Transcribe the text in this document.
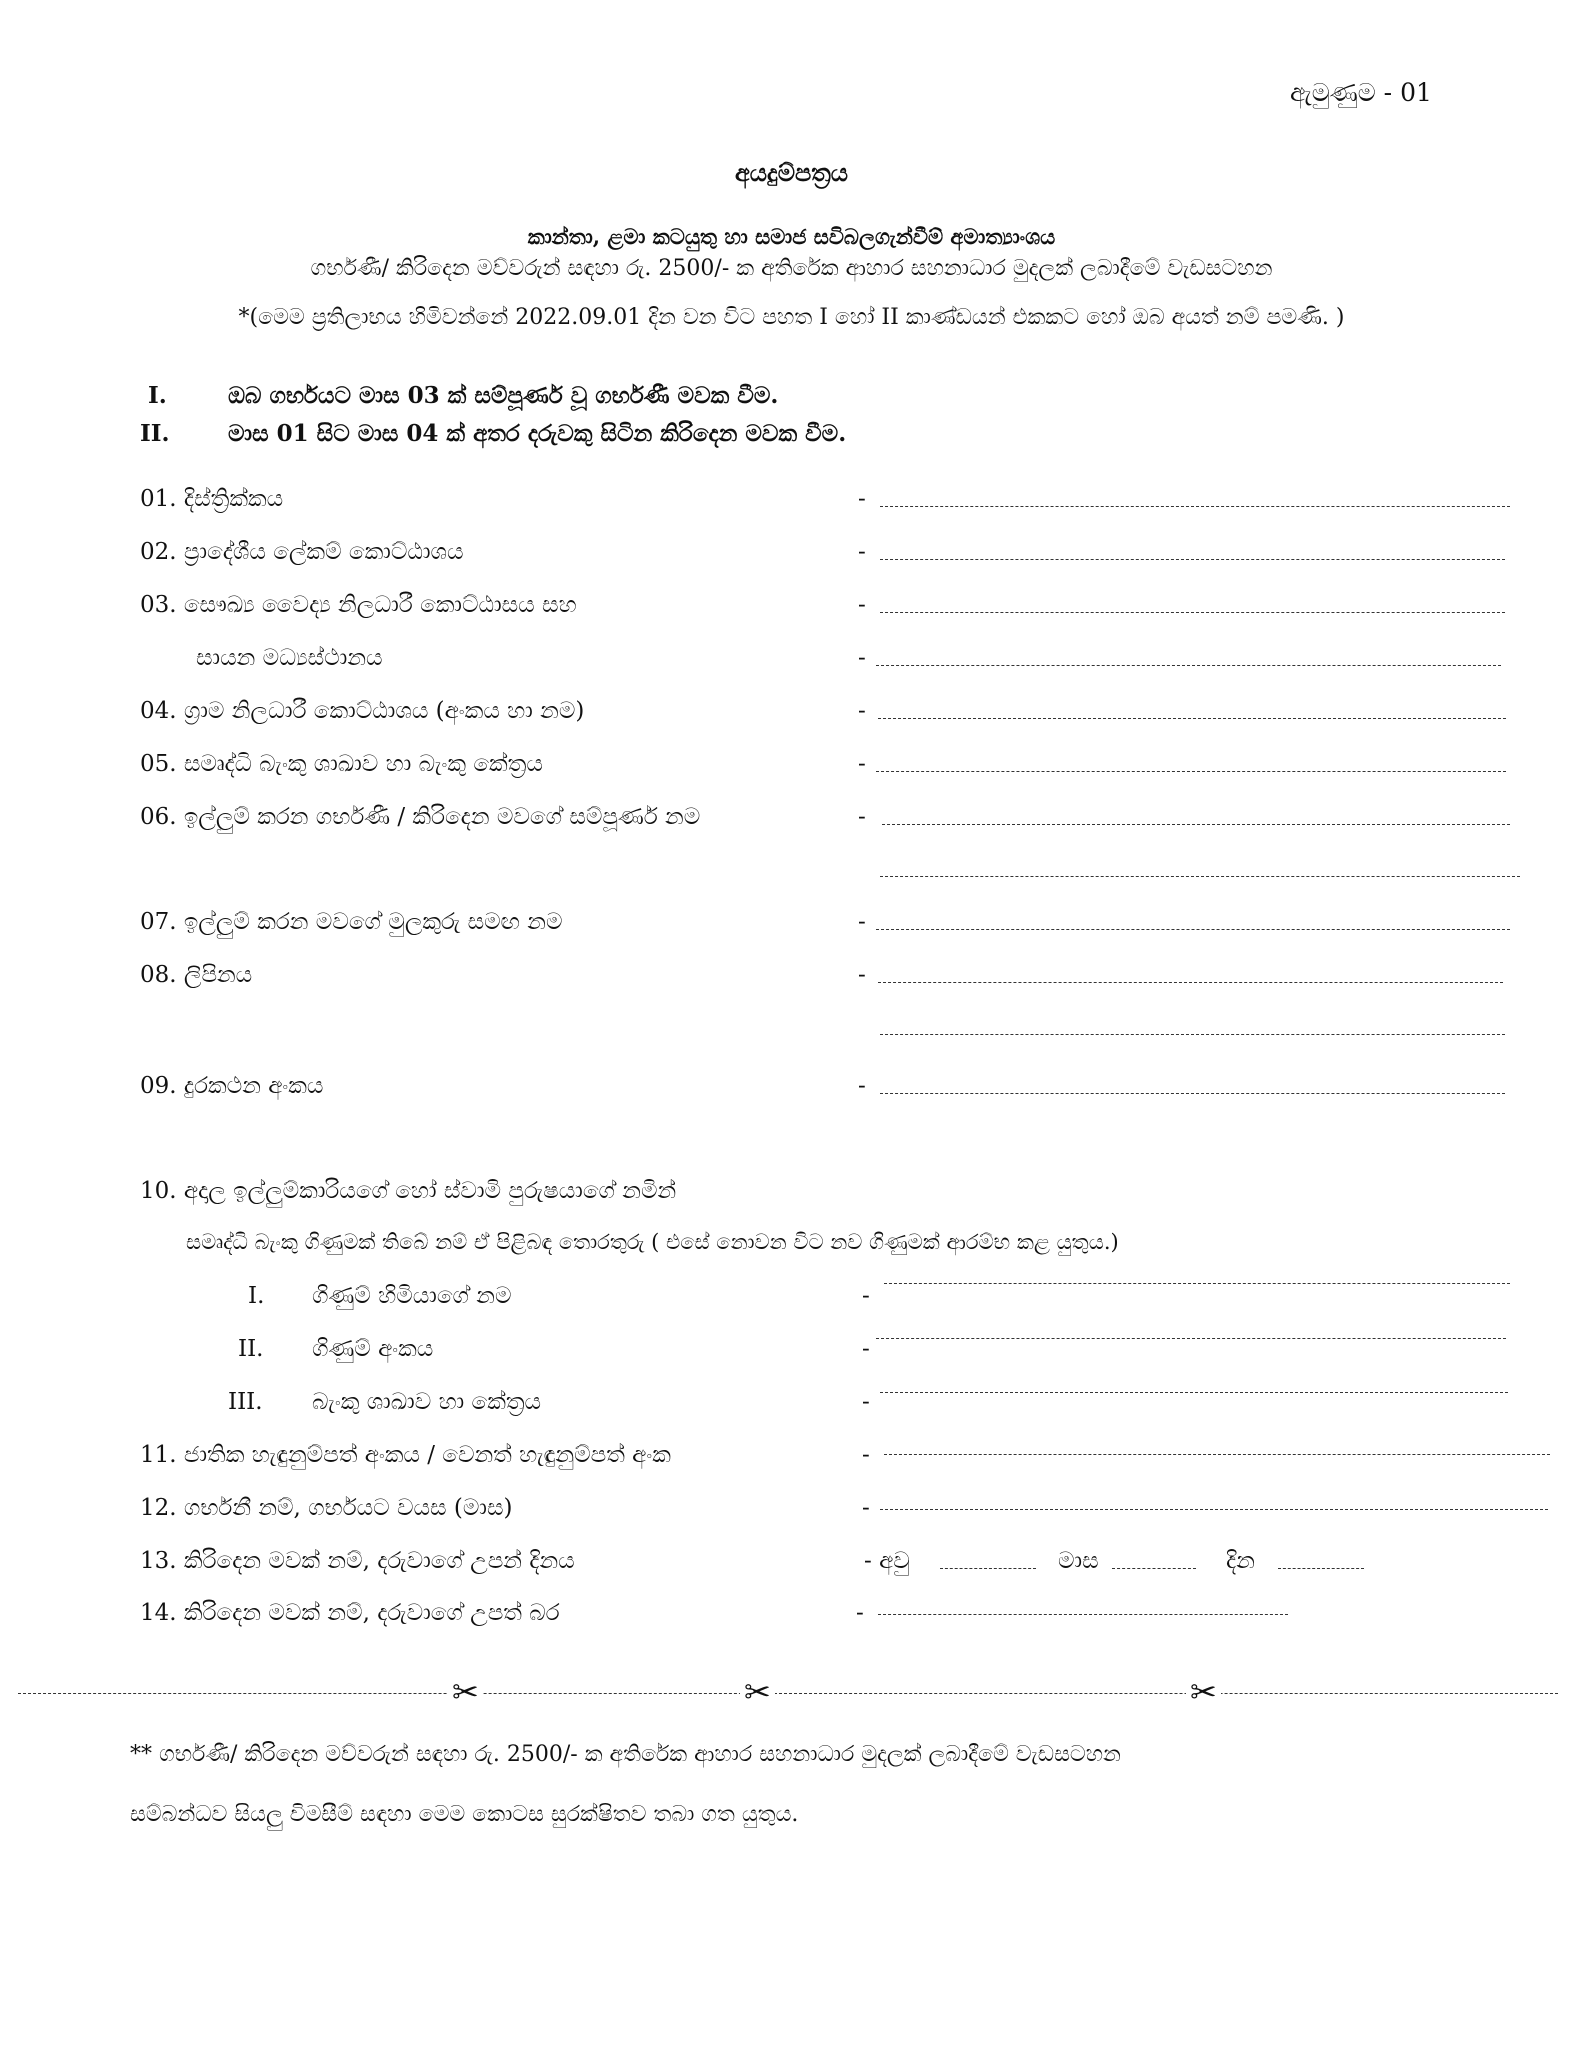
ඇමුණුම - 01
අයදුම්පත්‍රය
කාන්තා, ළමා කටයුතු හා සමාජ සවිබලගැන්වීම් අමාත්‍යාංශය
ගර්භණී/ කිරිදෙන මව්වරුන් සඳහා රු. 2500/- ක අතිරේක ආහාර සහනාධාර මුදලක් ලබාදීමේ වැඩසටහන
*(මෙම ප්‍රතිලාභය හිමිවන්නේ 2022.09.01 දින වන විට පහත I හෝ II කාණ්ඩයන් එකකට හෝ ඔබ අයත් නම් පමණි. )
I.	ඔබ ගර්භයට මාස 03 ක් සම්පූර්ණ වූ ගර්භණී මවක වීම.
II.	මාස 01 සිට මාස 04 ක් අතර දරුවකු සිටින කිරිදෙන මවක වීම.
01. දිස්ත්‍රික්කය	-
02. ප්‍රාදේශීය ලේකම් කොට්ඨාශය	-
03. සෞඛ්‍ය වෛද්‍ය නිලධාරී කොට්ඨාසය සහ	-
සායන මධ්‍යස්ථානය	-
04. ග්‍රාම නිලධාරී කොට්ඨාශය (අංකය හා නම)	-
05. සමෘද්ධි බැංකු ශාඛාව හා බැංකු කේත්‍රය	-
06. ඉල්ලුම් කරන ගර්භණී / කිරිදෙන මවගේ සම්පූර්ණ නම	-
07. ඉල්ලුම් කරන මවගේ මුලකුරු සමඟ නම	-
08. ලිපිනය	-
09. දුරකථන අංකය	-
10. අදාල ඉල්ලුම්කාරියගේ හෝ ස්වාමි පුරුෂයාගේ නමින්
සමෘද්ධි බැංකු ගිණුමක් තිබේ නම් ඒ පිළිබඳ තොරතුරු ( එසේ නොවන විට නව ගිණුමක් ආරම්භ කළ යුතුය.)
I. ගිණුම් හිමියාගේ නම	-
II. ගිණුම් අංකය	-
III. බැංකු ශාඛාව හා කේත්‍රය	-
11. ජාතික හැඳුනුම්පත් අංකය / වෙනත් හැඳුනුම්පත් අංක	-
12. ගර්භනී නම්, ගර්භයට වයස (මාස)	-
13. කිරිදෙන මවක් නම්, දරුවාගේ උපන් දිනය	- අවු	මාස	දින
14. කිරිදෙන මවක් නම්, දරුවාගේ උපත් බර	-
✂	✂	✂
** ගර්භණී/ කිරිදෙන මව්වරුන් සඳහා රු. 2500/- ක අතිරේක ආහාර සහනාධාර මුදලක් ලබාදීමේ වැඩසටහන
සම්බන්ධව සියලු විමසීම් සඳහා මෙම කොටස සුරක්ෂිතව තබා ගත යුතුය.
